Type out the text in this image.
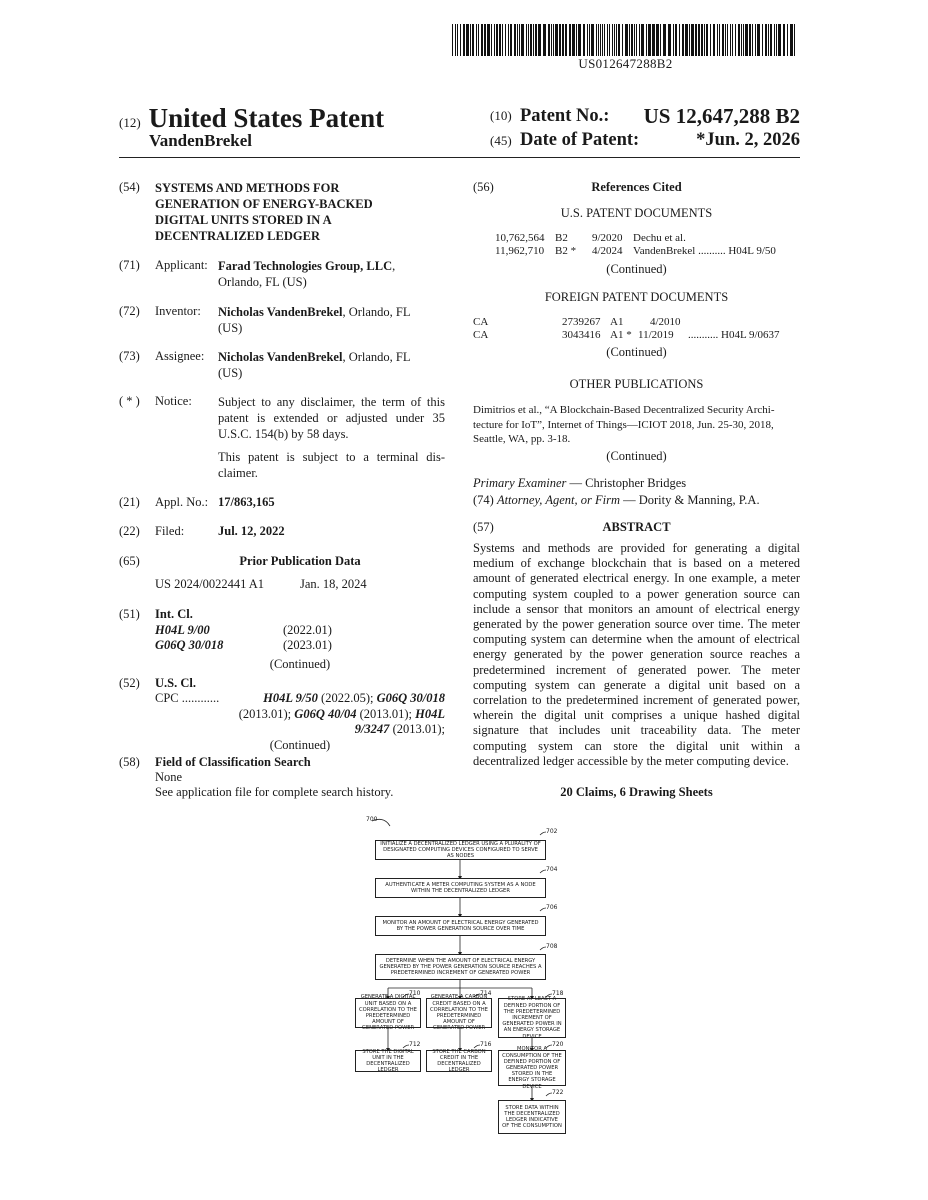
US012647288B2
(12) United States Patent
VandenBrekel
(10) Patent No.: US 12,647,288 B2
(45) Date of Patent:	*Jun. 2, 2026
(54) SYSTEMS AND METHODS FOR
GENERATION OF ENERGY-BACKED
DIGITAL UNITS STORED IN A
DECENTRALIZED LEDGER
(71) Applicant: Farad Technologies Group, LLC,
Orlando, FL (US)
(72) Inventor: Nicholas VandenBrekel, Orlando, FL
(US)
(73) Assignee: Nicholas VandenBrekel, Orlando, FL
(US)
( * ) Notice: Subject to any disclaimer, the term of this
patent is extended or adjusted under 35
U.S.C. 154(b) by 58 days.
This patent is subject to a terminal dis-
claimer.
(21) Appl. No.: 17/863,165
(22) Filed:	Jul. 12, 2022
(65)	Prior Publication Data
US 2024/0022441 A1	Jan. 18, 2024
(51) Int. Cl.
H04L 9/00	(2022.01)
G06Q 30/018	(2023.01)
(Continued)
(52) U.S. Cl.
CPC ............	H04L 9/50 (2022.05); G06Q 30/018
(2013.01); G06Q 40/04 (2013.01); H04L
9/3247 (2013.01);
(Continued)
(58) Field of Classification Search
None
See application file for complete search history.
(56)	References Cited
U.S. PATENT DOCUMENTS
10,762,564 B2 9/2020 Dechu et al.
11,962,710 B2 * 4/2024 VandenBrekel .......... H04L 9/50
(Continued)
FOREIGN PATENT DOCUMENTS
CA	2739267 A1 4/2010
CA	3043416 A1 * 11/2019 ........... H04L 9/0637
(Continued)
OTHER PUBLICATIONS
Dimitrios et al., “A Blockchain-Based Decentralized Security Archi-
tecture for IoT”, Internet of Things—ICIOT 2018, Jun. 25-30, 2018,
Seattle, WA, pp. 3-18.
(Continued)
Primary Examiner — Christopher Bridges
(74) Attorney, Agent, or Firm — Dority & Manning, P.A.
(57)	ABSTRACT
Systems and methods are provided for generating a digital medium of exchange blockchain that is based on a metered amount of generated electrical energy. In one example, a meter computing system coupled to a power generation source can include a sensor that monitors an amount of electrical energy generated by the power generation source over time. The meter computing system can determine when the amount of electrical energy generated by the power generation source reaches a predetermined increment of generated power. The meter computing system can generate a digital unit based on a correlation to the predetermined increment of generated power, wherein the digital unit comprises a unique hashed digital signature that includes unit traceability data. The meter computing system can store the digital unit within a decentralized ledger accessible by the meter computing device.
20 Claims, 6 Drawing Sheets
700
702
704
706
708
710	714	718
712	716	720
722
INITIALIZE A DECENTRALIZED LEDGER USING A PLURALITY OF DESIGNATED COMPUTING DEVICES CONFIGURED TO SERVE AS NODES
AUTHENTICATE A METER COMPUTING SYSTEM AS A NODE WITHIN THE DECENTRALIZED LEDGER
MONITOR AN AMOUNT OF ELECTRICAL ENERGY GENERATED BY THE POWER GENERATION SOURCE OVER TIME
DETERMINE WHEN THE AMOUNT OF ELECTRICAL ENERGY GENERATED BY THE POWER GENERATION SOURCE REACHES A PREDETERMINED INCREMENT OF GENERATED POWER
GENERATE A DIGITAL UNIT BASED ON A CORRELATION TO THE PREDETERMINED AMOUNT OF GENERATED POWER
GENERATE A CARBON CREDIT BASED ON A CORRELATION TO THE PREDETERMINED AMOUNT OF GENERATED POWER
STORE AT LEAST A DEFINED PORTION OF THE PREDETERMINED INCREMENT OF GENERATED POWER IN AN ENERGY STORAGE DEVICE
STORE THE DIGITAL UNIT IN THE DECENTRALIZED LEDGER
STORE THE CARBON CREDIT IN THE DECENTRALIZED LEDGER
MONITOR A CONSUMPTION OF THE DEFINED PORTION OF GENERATED POWER STORED IN THE ENERGY STORAGE DEVICE
STORE DATA WITHIN THE DECENTRALIZED LEDGER INDICATIVE OF THE CONSUMPTION
